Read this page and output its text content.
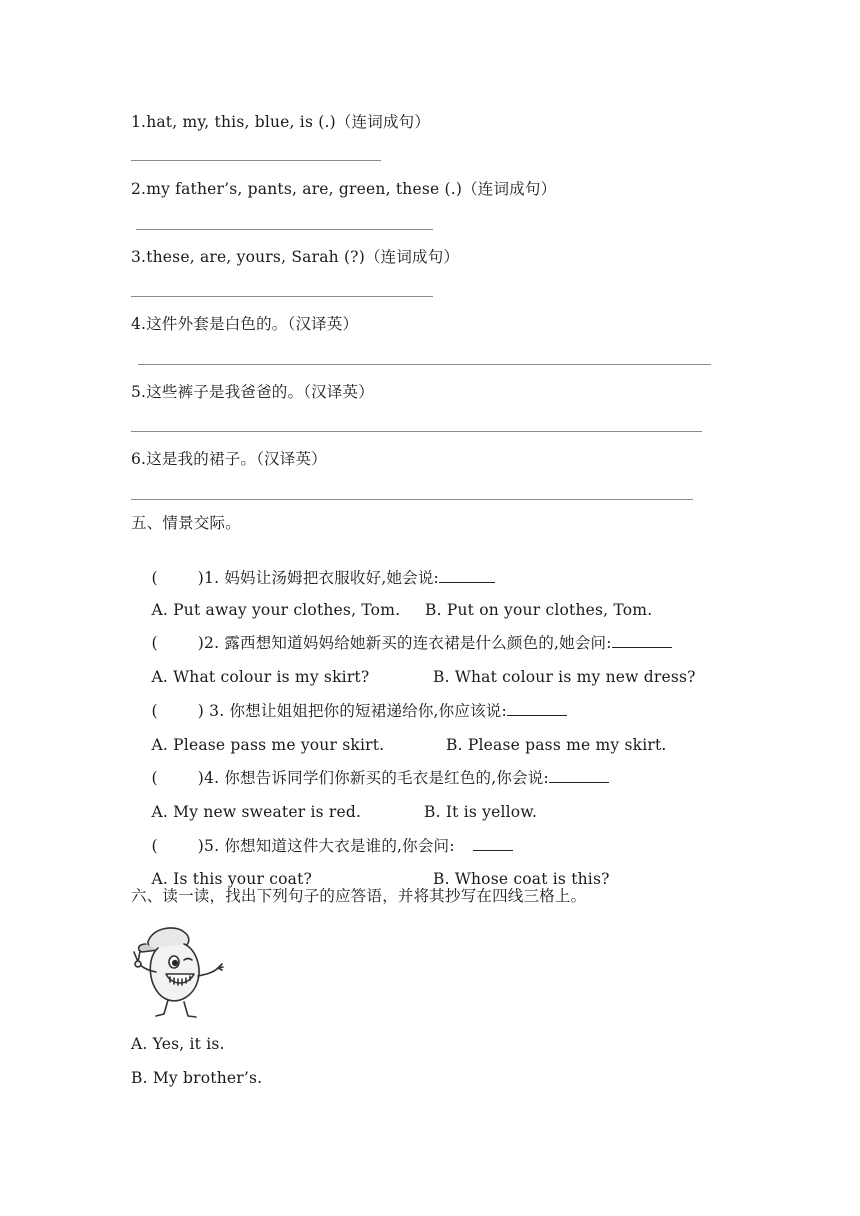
1.hat, my, this, blue, is (.)（连词成句）
2.my father’s, pants, are, green, these (.)（连词成句）
3.these, are, yours, Sarah (?)（连词成句）
4.这件外套是白色的。（汉译英）
5.这些裤子是我爸爸的。（汉译英）
6.这是我的裙子。（汉译英）
五、情景交际。

(	)1. 妈妈让汤姆把衣服收好,她会说:

A. Put away your clothes, Tom. B. Put on your clothes, Tom.

(	)2. 露西想知道妈妈给她新买的连衣裙是什么颜色的,她会问:

A. What colour is my skirt?	B. What colour is my new dress?

(	) 3. 你想让姐姐把你的短裙递给你,你应该说:

A. Please pass me your skirt.	B. Please pass me my skirt.

(	)4. 你想告诉同学们你新买的毛衣是红色的,你会说:

A. My new sweater is red.	B. It is yellow.

(	)5. 你想知道这件大衣是谁的,你会问:

A. Is this your coat?	B. Whose coat is this?

六、读一读，找出下列句子的应答语，并将其抄写在四线三格上。
A. Yes, it is.
B. My brother’s.
